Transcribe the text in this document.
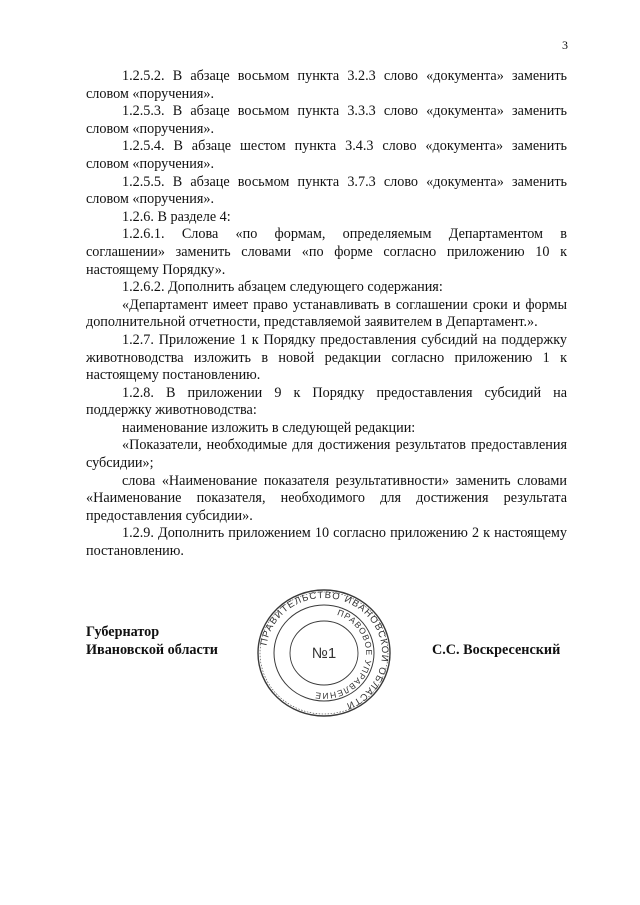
3

1.2.5.2. В абзаце восьмом пункта 3.2.3 слово «документа» заменить словом «поручения».

1.2.5.3. В абзаце восьмом пункта 3.3.3 слово «документа» заменить словом «поручения».

1.2.5.4. В абзаце шестом пункта 3.4.3 слово «документа» заменить словом «поручения».

1.2.5.5. В абзаце восьмом пункта 3.7.3 слово «документа» заменить словом «поручения».

1.2.6. В разделе 4:

1.2.6.1. Слова «по формам, определяемым Департаментом в соглашении» заменить словами «по форме согласно приложению 10 к настоящему Порядку».

1.2.6.2. Дополнить абзацем следующего содержания:

«Департамент имеет право устанавливать в соглашении сроки и формы дополнительной отчетности, представляемой заявителем в Департамент.».

1.2.7. Приложение 1 к Порядку предоставления субсидий на поддержку животноводства изложить в новой редакции согласно приложению 1 к настоящему постановлению.

1.2.8. В приложении 9 к Порядку предоставления субсидий на поддержку животноводства:

наименование изложить в следующей редакции:

«Показатели, необходимые для достижения результатов предоставления субсидии»;

слова «Наименование показателя результативности» заменить словами «Наименование показателя, необходимого для достижения результата предоставления субсидии».

1.2.9. Дополнить приложением 10 согласно приложению 2 к настоящему постановлению.

Губернатор
Ивановской области
ПРАВИТЕЛЬСТВО ИВАНОВСКОЙ ОБЛАСТИ
ПРАВОВОЕ УПРАВЛЕНИЕ
№1	С.С. Воскресенский
